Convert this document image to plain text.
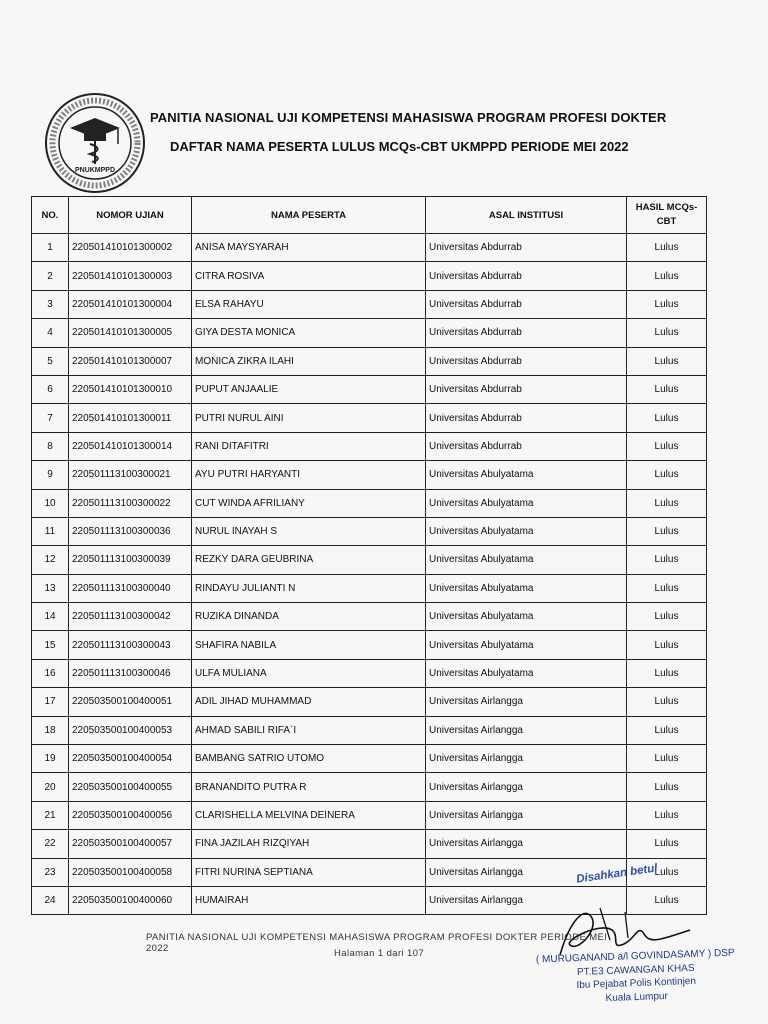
PNUKMPPD
PANITIA NASIONAL UJI KOMPETENSI MAHASISWA PROGRAM PROFESI DOKTER
DAFTAR NAMA PESERTA LULUS MCQs-CBT UKMPPD PERIODE MEI 2022
NO.	NOMOR UJIAN	NAMA PESERTA	ASAL INSTITUSI	HASIL MCQs-CBT
1	220501410101300002	ANISA MAYSYARAH	Universitas Abdurrab	Lulus
2	220501410101300003	CITRA ROSIVA	Universitas Abdurrab	Lulus
3	220501410101300004	ELSA RAHAYU	Universitas Abdurrab	Lulus
4	220501410101300005	GIYA DESTA MONICA	Universitas Abdurrab	Lulus
5	220501410101300007	MONICA ZIKRA ILAHI	Universitas Abdurrab	Lulus
6	220501410101300010	PUPUT ANJAALIE	Universitas Abdurrab	Lulus
7	220501410101300011	PUTRI NURUL AINI	Universitas Abdurrab	Lulus
8	220501410101300014	RANI DITAFITRI	Universitas Abdurrab	Lulus
9	220501113100300021	AYU PUTRI HARYANTI	Universitas Abulyatama	Lulus
10	220501113100300022	CUT WINDA AFRILIANY	Universitas Abulyatama	Lulus
11	220501113100300036	NURUL INAYAH S	Universitas Abulyatama	Lulus
12	220501113100300039	REZKY DARA GEUBRINA	Universitas Abulyatama	Lulus
13	220501113100300040	RINDAYU JULIANTI N	Universitas Abulyatama	Lulus
14	220501113100300042	RUZIKA DINANDA	Universitas Abulyatama	Lulus
15	220501113100300043	SHAFIRA NABILA	Universitas Abulyatama	Lulus
16	220501113100300046	ULFA MULIANA	Universitas Abulyatama	Lulus
17	220503500100400051	ADIL JIHAD MUHAMMAD	Universitas Airlangga	Lulus
18	220503500100400053	AHMAD SABILI RIFA`I	Universitas Airlangga	Lulus
19	220503500100400054	BAMBANG SATRIO UTOMO	Universitas Airlangga	Lulus
20	220503500100400055	BRANANDITO PUTRA R	Universitas Airlangga	Lulus
21	220503500100400056	CLARISHELLA MELVINA DEINERA	Universitas Airlangga	Lulus
22	220503500100400057	FINA JAZILAH RIZQIYAH	Universitas Airlangga	Lulus
23	220503500100400058	FITRI NURINA SEPTIANA	Universitas Airlangga	Lulus
24	220503500100400060	HUMAIRAH	Universitas Airlangga	Lulus
PANITIA NASIONAL UJI KOMPETENSI MAHASISWA PROGRAM PROFESI DOKTER PERIODE MEI 2022	Halaman 1 dari 107
Disahkan betul
( MURUGANAND a/l GOVINDASAMY ) DSP
PT.E3 CAWANGAN KHAS
Ibu Pejabat Polis Kontinjen
Kuala Lumpur
